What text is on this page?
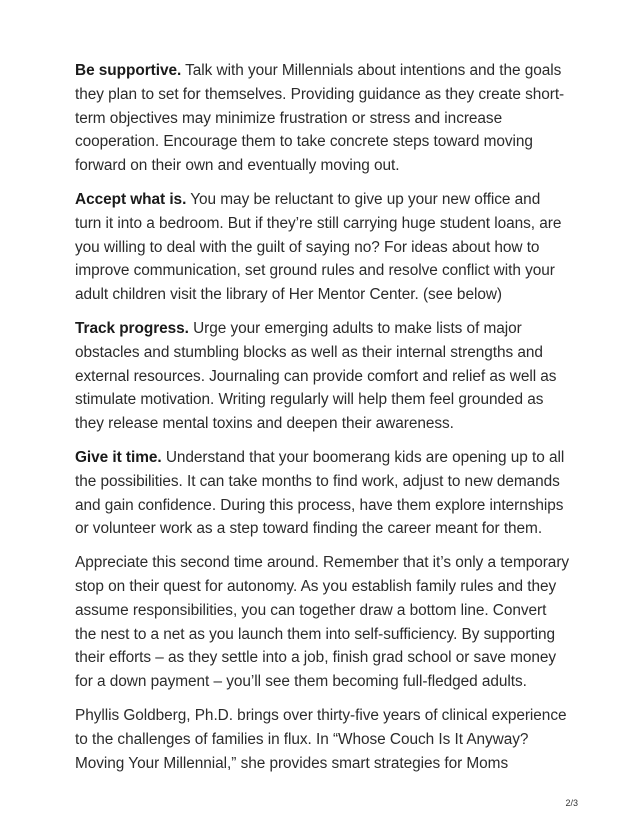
Be supportive. Talk with your Millennials about intentions and the goals they plan to set for themselves. Providing guidance as they create short-term objectives may minimize frustration or stress and increase cooperation. Encourage them to take concrete steps toward moving forward on their own and eventually moving out.

Accept what is. You may be reluctant to give up your new office and turn it into a bedroom. But if they’re still carrying huge student loans, are you willing to deal with the guilt of saying no? For ideas about how to improve communication, set ground rules and resolve conflict with your adult children visit the library of Her Mentor Center. (see below)

Track progress. Urge your emerging adults to make lists of major obstacles and stumbling blocks as well as their internal strengths and external resources. Journaling can provide comfort and relief as well as stimulate motivation. Writing regularly will help them feel grounded as they release mental toxins and deepen their awareness.

Give it time. Understand that your boomerang kids are opening up to all the possibilities. It can take months to find work, adjust to new demands and gain confidence. During this process, have them explore internships or volunteer work as a step toward finding the career meant for them.

Appreciate this second time around. Remember that it’s only a temporary stop on their quest for autonomy. As you establish family rules and they assume responsibilities, you can together draw a bottom line. Convert the nest to a net as you launch them into self-sufficiency. By supporting their efforts – as they settle into a job, finish grad school or save money for a down payment – you’ll see them becoming full-fledged adults.

Phyllis Goldberg, Ph.D. brings over thirty-five years of clinical experience to the challenges of families in flux. In “Whose Couch Is It Anyway? Moving Your Millennial,” she provides smart strategies for Moms

2/3
